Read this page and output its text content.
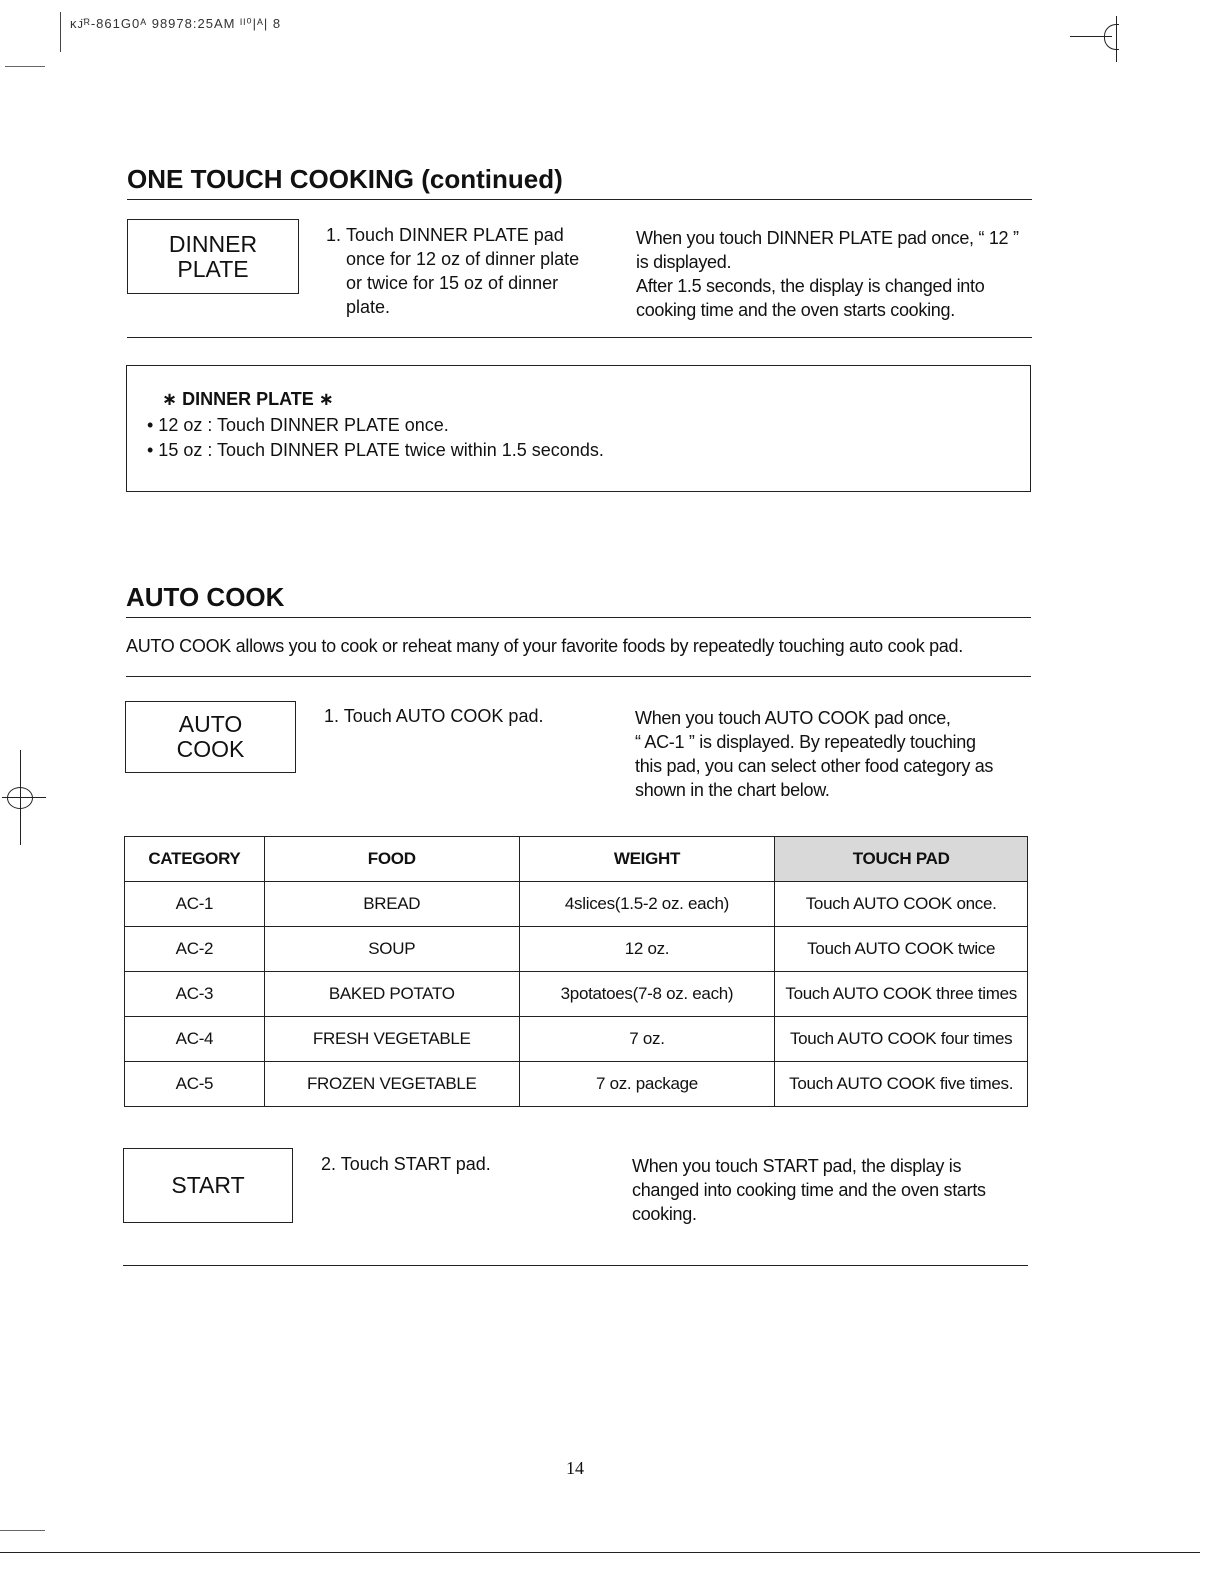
ᴋᴊ̈ᴿ-861G0ᴬ 98978:25AM ᴵᴵ⁰|ᴬ| 8
ONE TOUCH COOKING (continued)
DINNER
PLATE
1. Touch DINNER PLATE pad
once for 12 oz of dinner plate
or twice for 15 oz of dinner
plate.
When you touch DINNER PLATE pad once, “ 12 ”
is displayed.
After 1.5 seconds, the display is changed into
cooking time and the oven starts cooking.
∗ DINNER PLATE ∗
• 12 oz : Touch DINNER PLATE once.
• 15 oz : Touch DINNER PLATE twice within 1.5 seconds.
AUTO COOK
AUTO COOK allows you to cook or reheat many of your favorite foods by repeatedly touching auto cook pad.
AUTO
COOK
1. Touch AUTO COOK pad.	When you touch AUTO COOK pad once,
“ AC-1 ” is displayed. By repeatedly touching
this pad, you can select other food category as
shown in the chart below.
CATEGORY	FOOD	WEIGHT	TOUCH PAD
AC-1	BREAD	4slices(1.5-2 oz. each)	Touch AUTO COOK once.
AC-2	SOUP	12 oz.	Touch AUTO COOK twice
AC-3	BAKED POTATO	3potatoes(7-8 oz. each)	Touch AUTO COOK three times
AC-4	FRESH VEGETABLE	7 oz.	Touch AUTO COOK four times
AC-5	FROZEN VEGETABLE	7 oz. package	Touch AUTO COOK five times.
START
2. Touch START pad.	When you touch START pad, the display is
changed into cooking time and the oven starts
cooking.
14
